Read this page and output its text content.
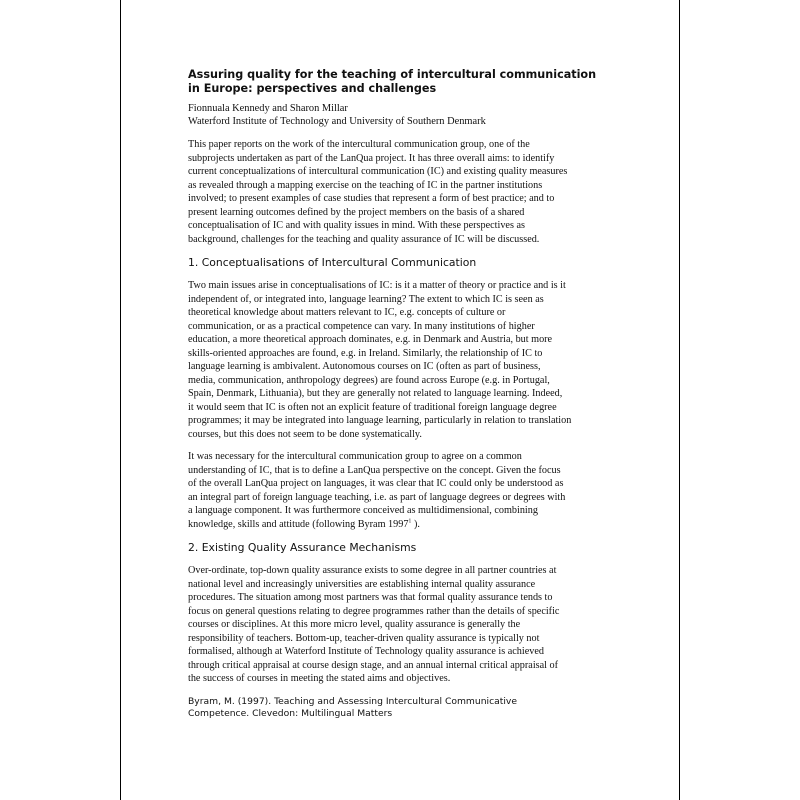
Assuring quality for the teaching of intercultural communication
in Europe: perspectives and challenges
Fionnuala Kennedy and Sharon Millar
Waterford Institute of Technology and University of Southern Denmark

This paper reports on the work of the intercultural communication group, one of the
subprojects undertaken as part of the LanQua project. It has three overall aims: to identify
current conceptualizations of intercultural communication (IC) and existing quality measures
as revealed through a mapping exercise on the teaching of IC in the partner institutions
involved; to present examples of case studies that represent a form of best practice; and to
present learning outcomes defined by the project members on the basis of a shared
conceptualisation of IC and with quality issues in mind. With these perspectives as
background, challenges for the teaching and quality assurance of IC will be discussed.

1. Conceptualisations of Intercultural Communication

Two main issues arise in conceptualisations of IC: is it a matter of theory or practice and is it
independent of, or integrated into, language learning? The extent to which IC is seen as
theoretical knowledge about matters relevant to IC, e.g. concepts of culture or
communication, or as a practical competence can vary. In many institutions of higher
education, a more theoretical approach dominates, e.g. in Denmark and Austria, but more
skills-oriented approaches are found, e.g. in Ireland. Similarly, the relationship of IC to
language learning is ambivalent. Autonomous courses on IC (often as part of business,
media, communication, anthropology degrees) are found across Europe (e.g. in Portugal,
Spain, Denmark, Lithuania), but they are generally not related to language learning. Indeed,
it would seem that IC is often not an explicit feature of traditional foreign language degree
programmes; it may be integrated into language learning, particularly in relation to translation
courses, but this does not seem to be done systematically.

It was necessary for the intercultural communication group to agree on a common
understanding of IC, that is to define a LanQua perspective on the concept. Given the focus
of the overall LanQua project on languages, it was clear that IC could only be understood as
an integral part of foreign language teaching, i.e. as part of language degrees or degrees with
a language component. It was furthermore conceived as multidimensional, combining
knowledge, skills and attitude (following Byram 1997$^1$ ).

2. Existing Quality Assurance Mechanisms

Over-ordinate, top-down quality assurance exists to some degree in all partner countries at
national level and increasingly universities are establishing internal quality assurance
procedures. The situation among most partners was that formal quality assurance tends to
focus on general questions relating to degree programmes rather than the details of specific
courses or disciplines. At this more micro level, quality assurance is generally the
responsibility of teachers. Bottom-up, teacher-driven quality assurance is typically not
formalised, although at Waterford Institute of Technology quality assurance is achieved
through critical appraisal at course design stage, and an annual internal critical appraisal of
the success of courses in meeting the stated aims and objectives.

Byram, M. (1997). Teaching and Assessing Intercultural Communicative
Competence. Clevedon: Multilingual Matters
